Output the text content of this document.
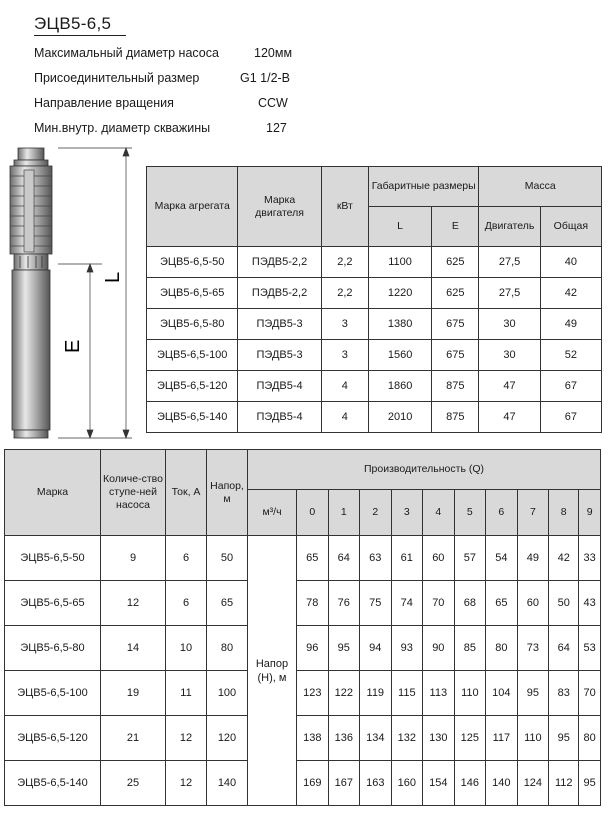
ЭЦВ5-6,5
Максимальный диаметр насоса	120мм
Присоединительный размер	G1 1/2-B
Направление вращения	CCW
Мин.внутр. диаметр скважины	127
L
E
Марка агрегата	Марка двигателя	кВт	Габаритные размеры		Масса	
			L	E	Двигатель	Общая
ЭЦВ5-6,5-50	ПЭДВ5-2,2	2,2	1100	625	27,5	40
ЭЦВ5-6,5-65	ПЭДВ5-2,2	2,2	1220	625	27,5	42
ЭЦВ5-6,5-80	ПЭДВ5-3	3	1380	675	30	49
ЭЦВ5-6,5-100	ПЭДВ5-3	3	1560	675	30	52
ЭЦВ5-6,5-120	ПЭДВ5-4	4	1860	875	47	67
ЭЦВ5-6,5-140	ПЭДВ5-4	4	2010	875	47	67
Марка	Количе-ство ступе-ней насоса	Ток, А	Напор, м	Производительность (Q)										
				м³/ч	0	1	2	3	4	5	6	7	8	9
ЭЦВ5-6,5-50	9	6	50	Напор (Н), м	65	64	63	61	60	57	54	49	42	33
ЭЦВ5-6,5-65	12	6	65		78	76	75	74	70	68	65	60	50	43
ЭЦВ5-6,5-80	14	10	80		96	95	94	93	90	85	80	73	64	53
ЭЦВ5-6,5-100	19	11	100		123	122	119	115	113	110	104	95	83	70
ЭЦВ5-6,5-120	21	12	120		138	136	134	132	130	125	117	110	95	80
ЭЦВ5-6,5-140	25	12	140		169	167	163	160	154	146	140	124	112	95
